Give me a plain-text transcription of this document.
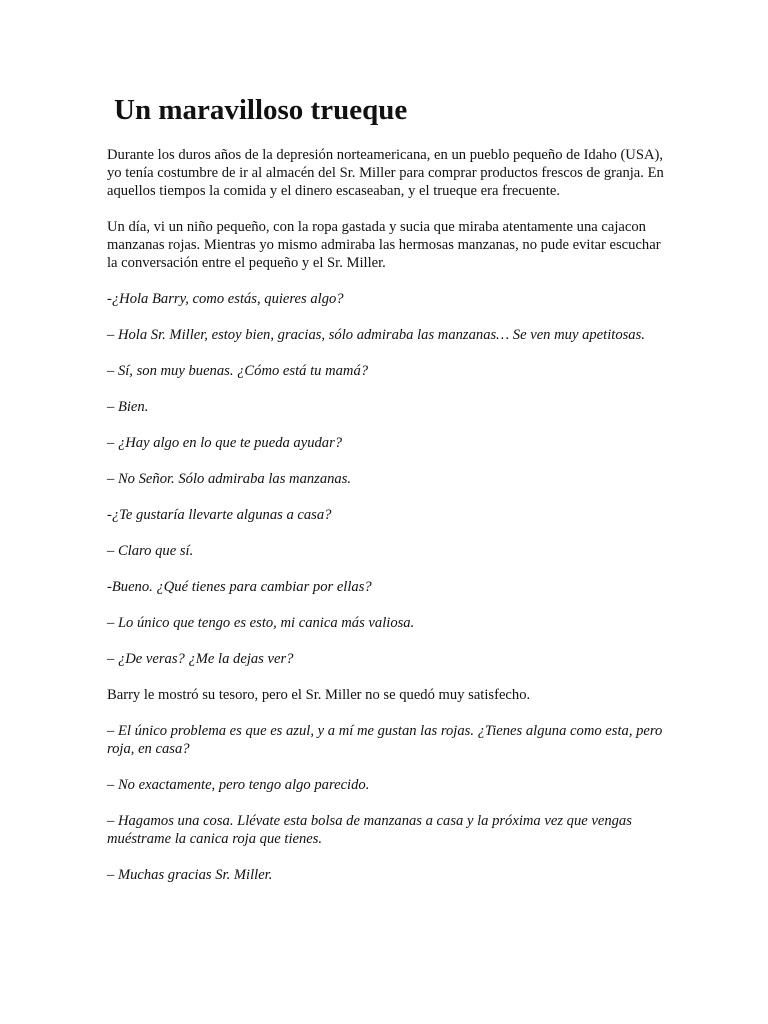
Un maravilloso trueque

Durante los duros años de la depresión norteamericana, en un pueblo pequeño de Idaho (USA), yo tenía costumbre de ir al almacén del Sr. Miller para comprar productos frescos de granja. En aquellos tiempos la comida y el dinero escaseaban, y el trueque era frecuente.

Un día, vi un niño pequeño, con la ropa gastada y sucia que miraba atentamente una cajacon manzanas rojas. Mientras yo mismo admiraba las hermosas manzanas, no pude evitar escuchar la conversación entre el pequeño y el Sr. Miller.

-¿Hola Barry, como estás, quieres algo?

– Hola Sr. Miller, estoy bien, gracias, sólo admiraba las manzanas… Se ven muy apetitosas.

– Sí, son muy buenas. ¿Cómo está tu mamá?

– Bien.

– ¿Hay algo en lo que te pueda ayudar?

– No Señor. Sólo admiraba las manzanas.

-¿Te gustaría llevarte algunas a casa?

– Claro que sí.

-Bueno. ¿Qué tienes para cambiar por ellas?

– Lo único que tengo es esto, mi canica más valiosa.

– ¿De veras? ¿Me la dejas ver?

Barry le mostró su tesoro, pero el Sr. Miller no se quedó muy satisfecho.

– El único problema es que es azul, y a mí me gustan las rojas. ¿Tienes alguna como esta, pero roja, en casa?

– No exactamente, pero tengo algo parecido.

– Hagamos una cosa. Llévate esta bolsa de manzanas a casa y la próxima vez que vengas muéstrame la canica roja que tienes.

– Muchas gracias Sr. Miller.
